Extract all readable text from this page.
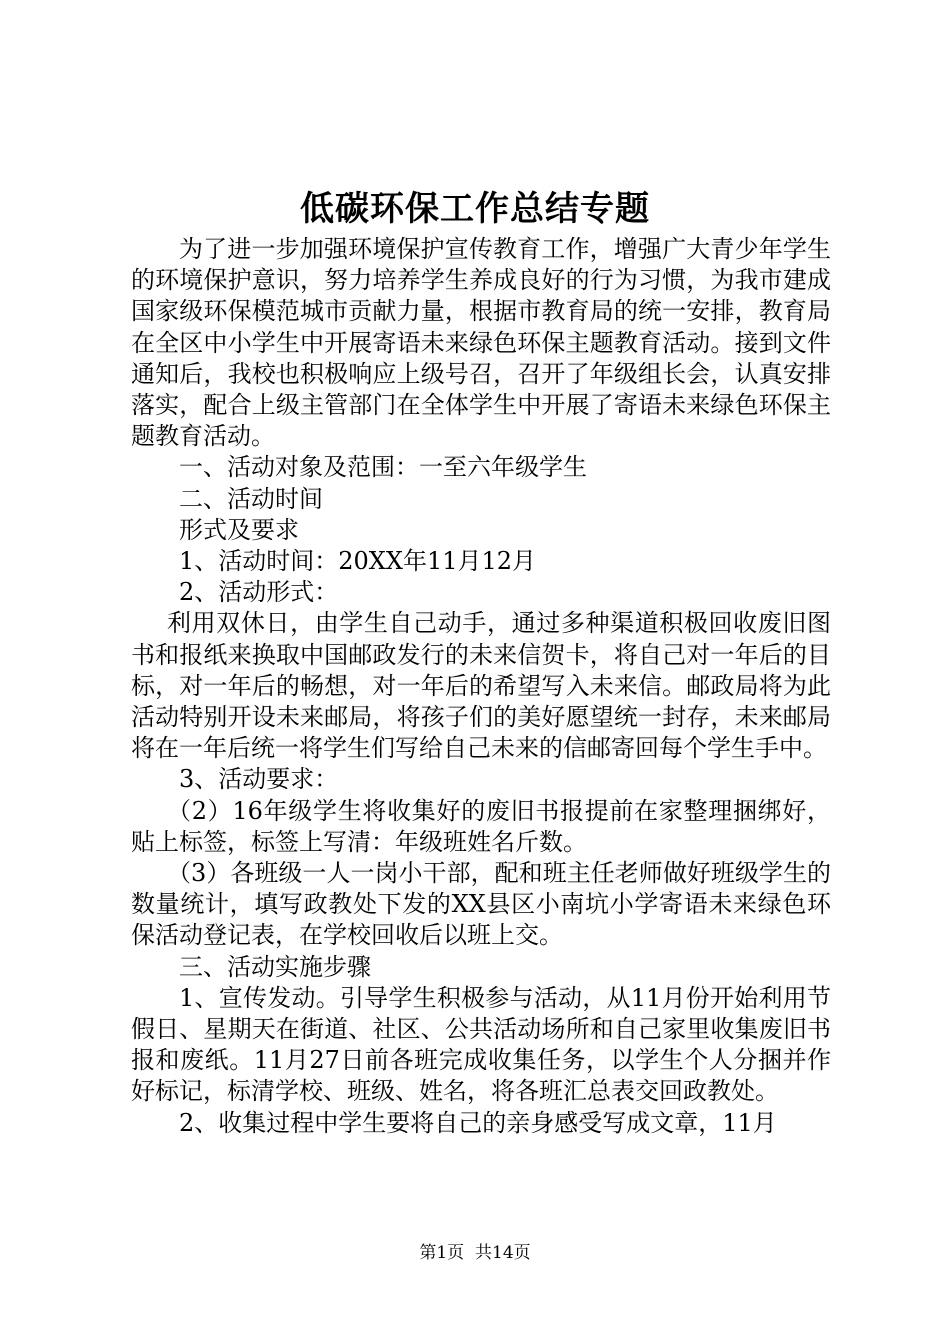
低碳环保工作总结专题

为了进一步加强环境保护宣传教育工作，增强广大青少年学生的环境保护意识，努力培养学生养成良好的行为习惯，为我市建成国家级环保模范城市贡献力量，根据市教育局的统一安排，教育局在全区中小学生中开展寄语未来绿色环保主题教育活动。接到文件通知后，我校也积极响应上级号召，召开了年级组长会，认真安排落实，配合上级主管部门在全体学生中开展了寄语未来绿色环保主题教育活动。

一、活动对象及范围：一至六年级学生

二、活动时间

形式及要求

1、活动时间：20XX年11月12月

2、活动形式：

利用双休日，由学生自己动手，通过多种渠道积极回收废旧图书和报纸来换取中国邮政发行的未来信贺卡，将自己对一年后的目标，对一年后的畅想，对一年后的希望写入未来信。邮政局将为此活动特别开设未来邮局，将孩子们的美好愿望统一封存，未来邮局将在一年后统一将学生们写给自己未来的信邮寄回每个学生手中。

3、活动要求：

（2）16年级学生将收集好的废旧书报提前在家整理捆绑好，贴上标签，标签上写清：年级班姓名斤数。

（3）各班级一人一岗小干部，配和班主任老师做好班级学生的数量统计，填写政教处下发的XX县区小南坑小学寄语未来绿色环保活动登记表，在学校回收后以班上交。

三、活动实施步骤

1、宣传发动。引导学生积极参与活动，从11月份开始利用节假日、星期天在街道、社区、公共活动场所和自己家里收集废旧书报和废纸。11月27日前各班完成收集任务，以学生个人分捆并作好标记，标清学校、班级、姓名，将各班汇总表交回政教处。

2、收集过程中学生要将自己的亲身感受写成文章，11月

第1页 共14页
